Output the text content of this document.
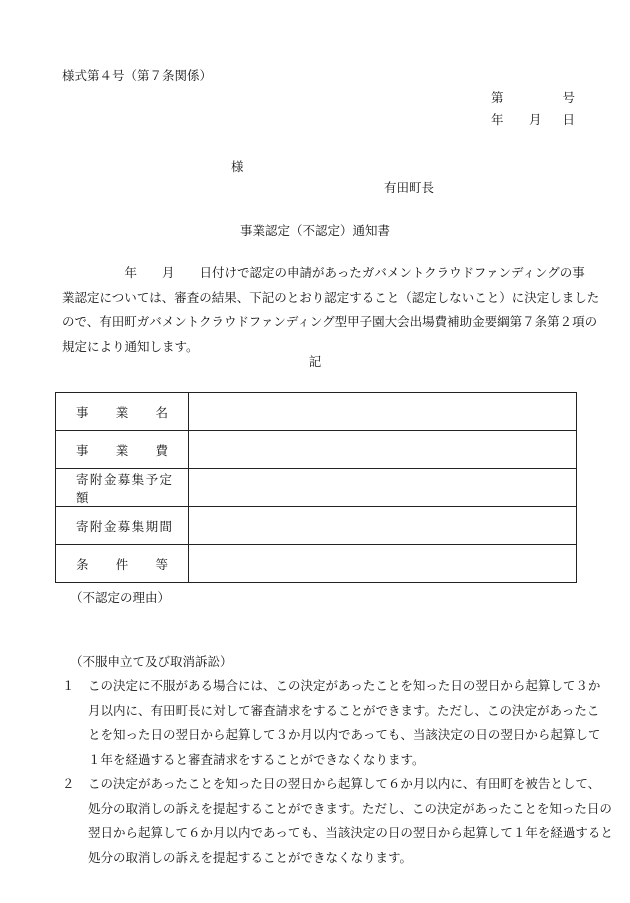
様式第４号（第７条関係）
第	号
年 月 日
様
有田町長
事業認定（不認定）通知書
　　　　　年　　月　　日付けで認定の申請があったガバメントクラウドファンディングの事
業認定については、審査の結果、下記のとおり認定すること（認定しないこと）に決定しました
ので、有田町ガバメントクラウドファンディング型甲子園大会出場費補助金要綱第７条第２項の
規定により通知します。
記
事業名	

事業費	

寄附金募集予定額	

寄附金募集期間	

条件等	

（不認定の理由）
（不服申立て及び取消訴訟）
１	この決定に不服がある場合には、この決定があったことを知った日の翌日から起算して３か
月以内に、有田町長に対して審査請求をすることができます。ただし、この決定があったこ
とを知った日の翌日から起算して３か月以内であっても、当該決定の日の翌日から起算して
１年を経過すると審査請求をすることができなくなります。
２	この決定があったことを知った日の翌日から起算して６か月以内に、有田町を被告として、
処分の取消しの訴えを提起することができます。ただし、この決定があったことを知った日の
翌日から起算して６か月以内であっても、当該決定の日の翌日から起算して１年を経過すると
処分の取消しの訴えを提起することができなくなります。
